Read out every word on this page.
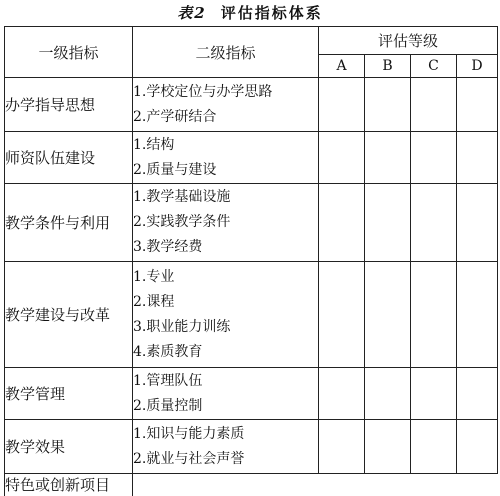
表2 评估指标体系
一级指标	二级指标	评估等级			
		A	B	C	D
办学指导思想	1.学校定位与办学思路
2.产学研结合				

师资队伍建设	1.结构
2.质量与建设				

教学条件与利用	1.教学基础设施
2.实践教学条件
3.教学经费				

教学建设与改革	1.专业
2.课程
3.职业能力训练
4.素质教育				

教学管理	1.管理队伍
2.质量控制				

教学效果	1.知识与能力素质
2.就业与社会声誉				

特色或创新项目					
